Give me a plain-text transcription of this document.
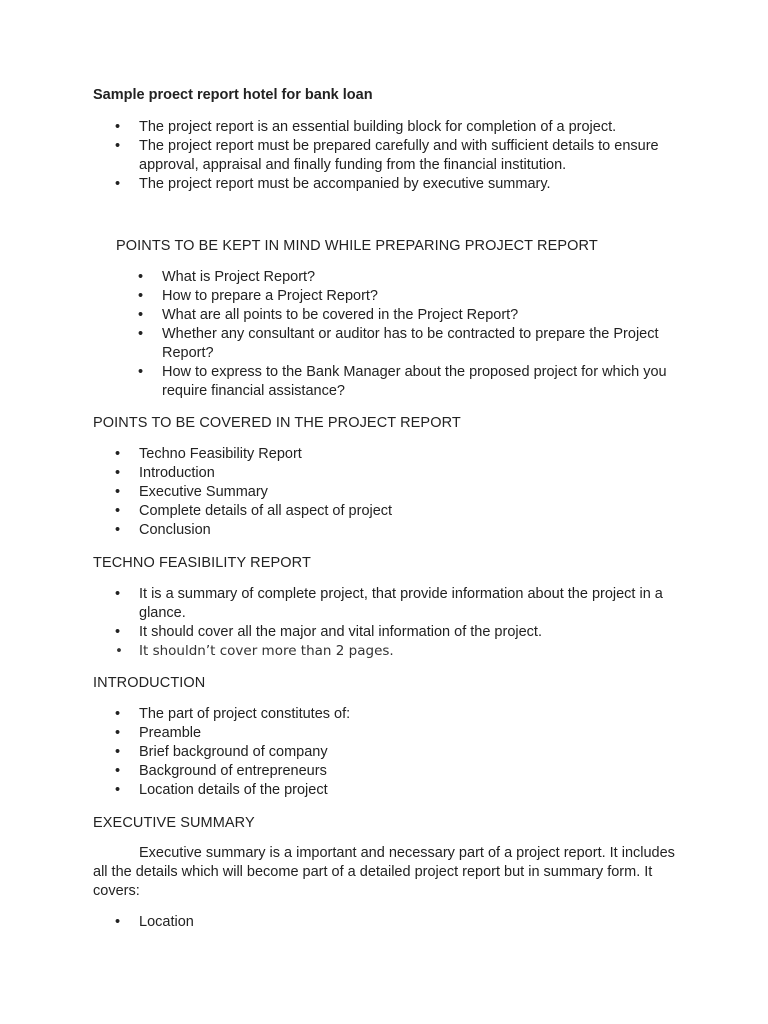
Sample proect report hotel for bank loan
• The project report is an essential building block for completion of a project.
• The project report must be prepared carefully and with sufficient details to ensure approval, appraisal and finally funding from the financial institution.
• The project report must be accompanied by executive summary.
POINTS TO BE KEPT IN MIND WHILE PREPARING PROJECT REPORT
• What is Project Report?
• How to prepare a Project Report?
• What are all points to be covered in the Project Report?
• Whether any consultant or auditor has to be contracted to prepare the Project Report?
• How to express to the Bank Manager about the proposed project for which you require financial assistance?
POINTS TO BE COVERED IN THE PROJECT REPORT
• Techno Feasibility Report
• Introduction
• Executive Summary
• Complete details of all aspect of project
• Conclusion
TECHNO FEASIBILITY REPORT
• It is a summary of complete project, that provide information about the project in a glance.
• It should cover all the major and vital information of the project.
• It shouldn’t cover more than 2 pages.
INTRODUCTION
• The part of project constitutes of:
• Preamble
• Brief background of company
• Background of entrepreneurs
• Location details of the project
EXECUTIVE SUMMARY

Executive summary is a important and necessary part of a project report. It includes all the details which will become part of a detailed project report but in summary form. It covers:

• Location
